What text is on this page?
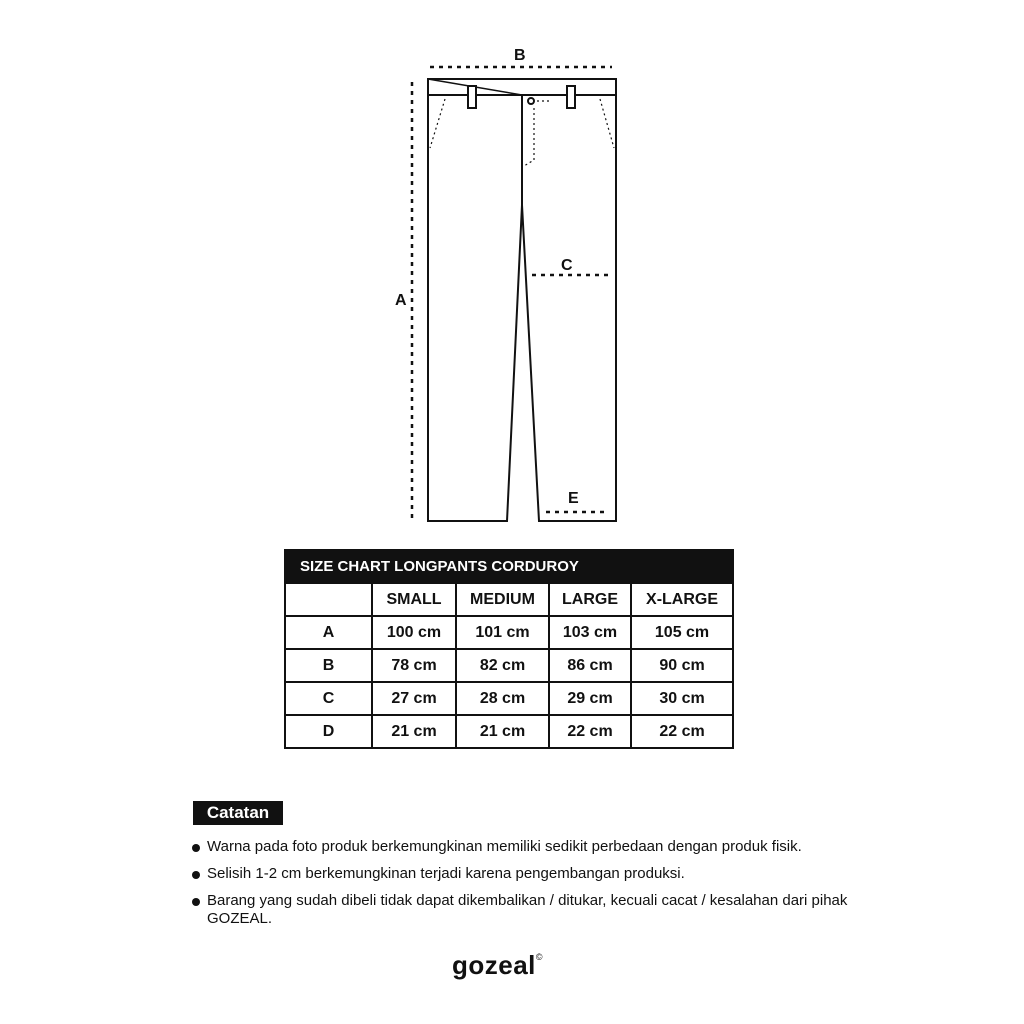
A
B
C
E
SIZE CHART LONGPANTS CORDUROY				
	SMALL	MEDIUM	LARGE	X-LARGE
A	100 cm	101 cm	103 cm	105 cm
B	78 cm	82 cm	86 cm	90 cm
C	27 cm	28 cm	29 cm	30 cm
D	21 cm	21 cm	22 cm	22 cm
Catatan
Warna pada foto produk berkemungkinan memiliki sedikit perbedaan dengan produk fisik.
Selisih 1-2 cm berkemungkinan terjadi karena pengembangan produksi.
Barang yang sudah dibeli tidak dapat dikembalikan / ditukar, kecuali cacat / kesalahan dari pihak GOZEAL.
gozeal©
